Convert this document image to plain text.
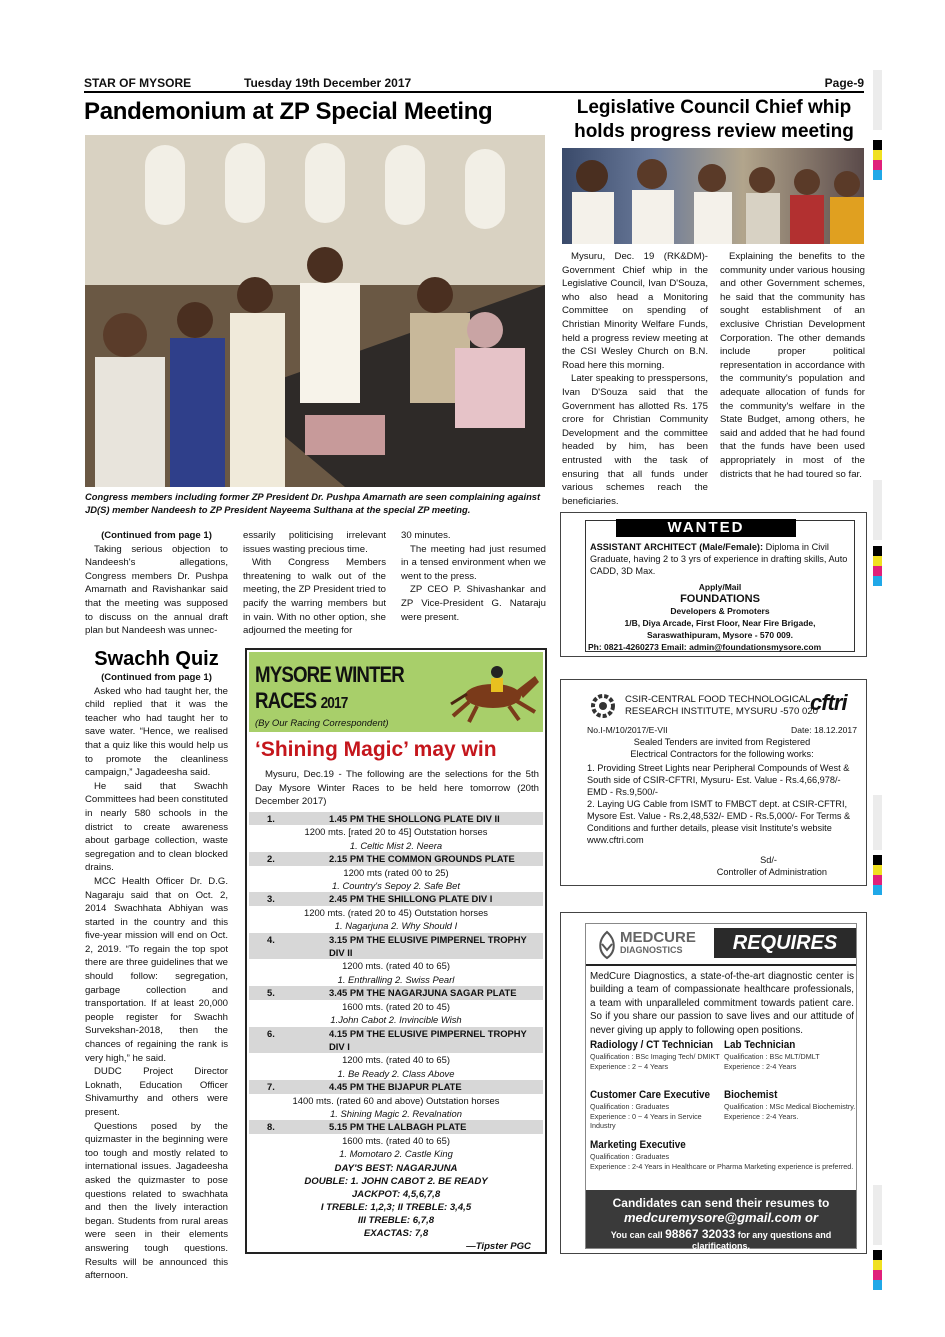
STAR OF MYSORE	Tuesday 19th December 2017	Page-9
Pandemonium at ZP Special Meeting
Congress members including former ZP President Dr. Pushpa Amarnath are seen complaining against JD(S) member Nandeesh to ZP President Nayeema Sulthana at the special ZP meeting.
(Continued from page 1)

Taking serious objection to Nandeesh's allegations, Congress members Dr. Pushpa Amarnath and Ravishankar said that the meeting was supposed to discuss on the annual draft plan but Nandeesh was unnec-

essarily politicising irrelevant issues wasting precious time.

With Congress Members threatening to walk out of the meeting, the ZP President tried to pacify the warring members but in vain. With no other option, she adjourned the meeting for

30 minutes.

The meeting had just resumed in a tensed environment when we went to the press.

ZP CEO P. Shivashankar and ZP Vice-President G. Nataraju were present.

Swachh Quiz
(Continued from page 1)

Asked who had taught her, the child replied that it was the teacher who had taught her to save water. “Hence, we realised that a quiz like this would help us to promote the cleanliness campaign,” Jagadeesha said.

He said that Swachh Committees had been constituted in nearly 580 schools in the district to create awareness about garbage collection, waste segregation and to clean blocked drains.

MCC Health Officer Dr. D.G. Nagaraju said that on Oct. 2, 2014 Swachhata Abhiyan was started in the country and this five-year mission will end on Oct. 2, 2019. “To regain the top spot there are three guidelines that we should follow: segregation, garbage collection and transportation. If at least 20,000 people register for Swachh Survekshan-2018, then the chances of regaining the rank is very high,” he said.

DUDC Project Director Loknath, Education Officer Shivamurthy and others were present.

Questions posed by the quizmaster in the beginning were too tough and mostly related to international issues. Jagadeesha asked the quizmaster to pose questions related to swachhata and then the lively interaction began. Students from rural areas were seen in their elements answering tough questions. Results will be announced this afternoon.

MYSORE WINTER
RACES 2017
(By Our Racing Correspondent)
‘Shining Magic’ may win
Mysuru, Dec.19 - The following are the selections for the 5th Day Mysore Winter Races to be held here tomorrow (20th December 2017)
1.	1.45 PM THE SHOLLONG PLATE DIV II
1200 mts. [rated 20 to 45] Outstation horses
1. Celtic Mist 2. Neera
2.	2.15 PM THE COMMON GROUNDS PLATE
1200 mts (rated 00 to 25)
1. Country's Sepoy 2. Safe Bet
3.	2.45 PM THE SHILLONG PLATE DIV I
1200 mts. (rated 20 to 45) Outstation horses
1. Nagarjuna 2. Why Should I
4.	3.15 PM THE ELUSIVE PIMPERNEL TROPHY DIV II
1200 mts. (rated 40 to 65)
1. Enthralling 2. Swiss Pearl
5.	3.45 PM THE NAGARJUNA SAGAR PLATE
1600 mts. (rated 20 to 45)
1.John Cabot 2. Invincible Wish
6.	4.15 PM THE ELUSIVE PIMPERNEL TROPHY DIV I
1200 mts. (rated 40 to 65)
1. Be Ready 2. Class Above
7.	4.45 PM THE BIJAPUR PLATE
1400 mts. (rated 60 and above) Outstation horses
1. Shining Magic 2. Revalnation
8.	5.15 PM THE LALBAGH PLATE
1600 mts. (rated 40 to 65)
1. Momotaro 2. Castle King
DAY'S BEST: NAGARJUNA
DOUBLE: 1. JOHN CABOT 2. BE READY
JACKPOT: 4,5,6,7,8
I TREBLE: 1,2,3; II TREBLE: 3,4,5
III TREBLE: 6,7,8
EXACTAS: 7,8
—Tipster PGC
Legislative Council Chief whip
holds progress review meeting

Mysuru, Dec. 19 (RK&DM)- Government Chief whip in the Legislative Council, Ivan D'Souza, who also head a Monitoring Committee on spending of Christian Minority Welfare Funds, held a progress review meeting at the CSI Wesley Church on B.N. Road here this morning.

Later speaking to presspersons, Ivan D'Souza said that the Government has allotted Rs. 175 crore for Christian Community Development and the committee headed by him, has been entrusted with the task of ensuring that all funds under various schemes reach the beneficiaries.

Explaining the benefits to the community under various housing and other Government schemes, he said that the community has sought establishment of an exclusive Christian Development Corporation. The other demands include proper political representation in accordance with the community's population and adequate allocation of funds for the community's welfare in the State Budget, among others, he said and added that he had found that the funds have been used appropriately in most of the districts that he had toured so far.

WANTED
ASSISTANT ARCHITECT (Male/Female): Diploma in Civil Graduate, having 2 to 3 yrs of experience in drafting skills, Auto CADD, 3D Max.
Apply/Mail
FOUNDATIONS
Developers & Promoters
1/B, Diya Arcade, First Floor, Near Fire Brigade,
Saraswathipuram, Mysore - 570 009.
Ph: 0821-4260273 Email: admin@foundationsmysore.com
CSIR-CENTRAL FOOD TECHNOLOGICAL
RESEARCH INSTITUTE, MYSURU -570 020
cftri
No.I-M/10/2017/E-VII	Date: 18.12.2017
Sealed Tenders are invited from Registered Electrical Contractors for the following works:
1. Providing Street Lights near Peripheral Compounds of West & South side of CSIR-CFTRI, Mysuru- Est. Value - Rs.4,66,978/- EMD - Rs.9,500/-
2. Laying UG Cable from ISMT to FMBCT dept. at CSIR-CFTRI, Mysore Est. Value - Rs.2,48,532/- EMD - Rs.5,000/- For Terms & Conditions and further details, please visit Institute's website www.cftri.com
Sd/-
Controller of Administration
MEDCURE
DIAGNOSTICS	REQUIRES
MedCure Diagnostics, a state-of-the-art diagnostic center is building a team of compassionate healthcare professionals, a team with unparalleled commitment towards patient care. So if you share our passion to save lives and our attitude of never giving up apply to following open positions.
Radiology / CT Technician
Qualification : BSc Imaging Tech/ DMIKT
Experience : 2 ~ 4 Years
Lab Technician
Qualification : BSc MLT/DMLT
Experience : 2-4 Years
Customer Care Executive
Qualification : Graduates
Experience : 0 ~ 4 Years in Service Industry
Biochemist
Qualification : MSc Medical Biochemistry.
Experience : 2-4 Years.
Marketing Executive
Qualification : Graduates
Experience : 2-4 Years in Healthcare or Pharma Marketing experience is preferred.
Candidates can send their resumes to
medcuremysore@gmail.com or
You can call 98867 32033 for any questions and clarifications.
